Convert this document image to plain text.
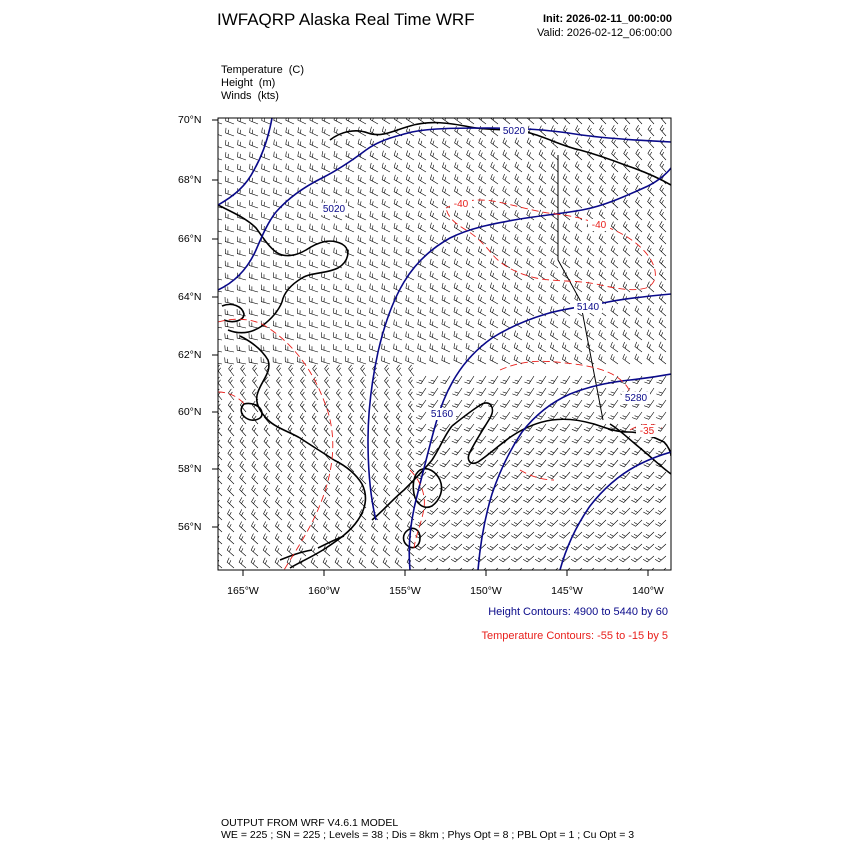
IWFAQRP Alaska Real Time WRF	Init: 2026-02-11_00:00:00
Valid: 2026-02-12_06:00:00
Temperature (C)
Height (m)
Winds (kts)
5020
5020
5140
5160
5280
-40
-40
-35
70°N
68°N
66°N
64°N
62°N
60°N
58°N
56°N
165°W	160°W	155°W	150°W	145°W	140°W
Height Contours: 4900 to 5440 by 60
Temperature Contours: -55 to -15 by 5
OUTPUT FROM WRF V4.6.1 MODEL
WE = 225 ; SN = 225 ; Levels = 38 ; Dis = 8km ; Phys Opt = 8 ; PBL Opt = 1 ; Cu Opt = 3
